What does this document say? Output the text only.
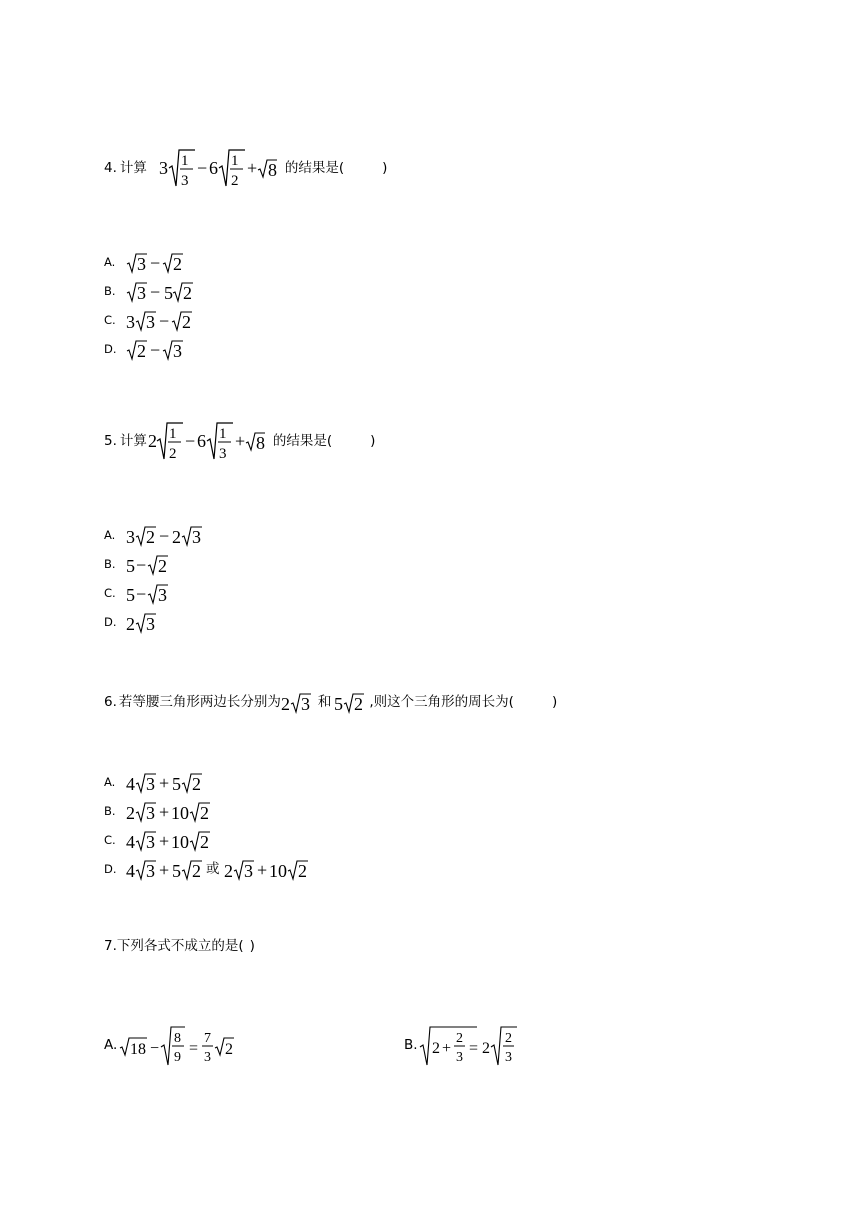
4. 计算 3 1
3
− 6 1
2
+ 8 的结果是(	)
A.	3 − 2
B.	3 − 5 2
C. 3 3 − 2
D.	2 − 3
5. 计算 2 1
2
− 6 1
3
+ 8 的结果是(	)
A. 3 2 − 2 3
B. 5 − 2
C. 5 − 3
D. 2 3
6. 若等腰三角形两边长分别为 2 3 和 5 2 ,则这个三角形的周长为(	)
A. 4 3 + 5 2
B. 2 3 + 10 2
C. 4 3 + 10 2
D. 4 3 + 5 2 或 2 3 + 10 2
7.下列各式不成立的是( )
A. 18 −
8
9
=
7
3 2	B. 2 +
2
3
= 2
2
3
